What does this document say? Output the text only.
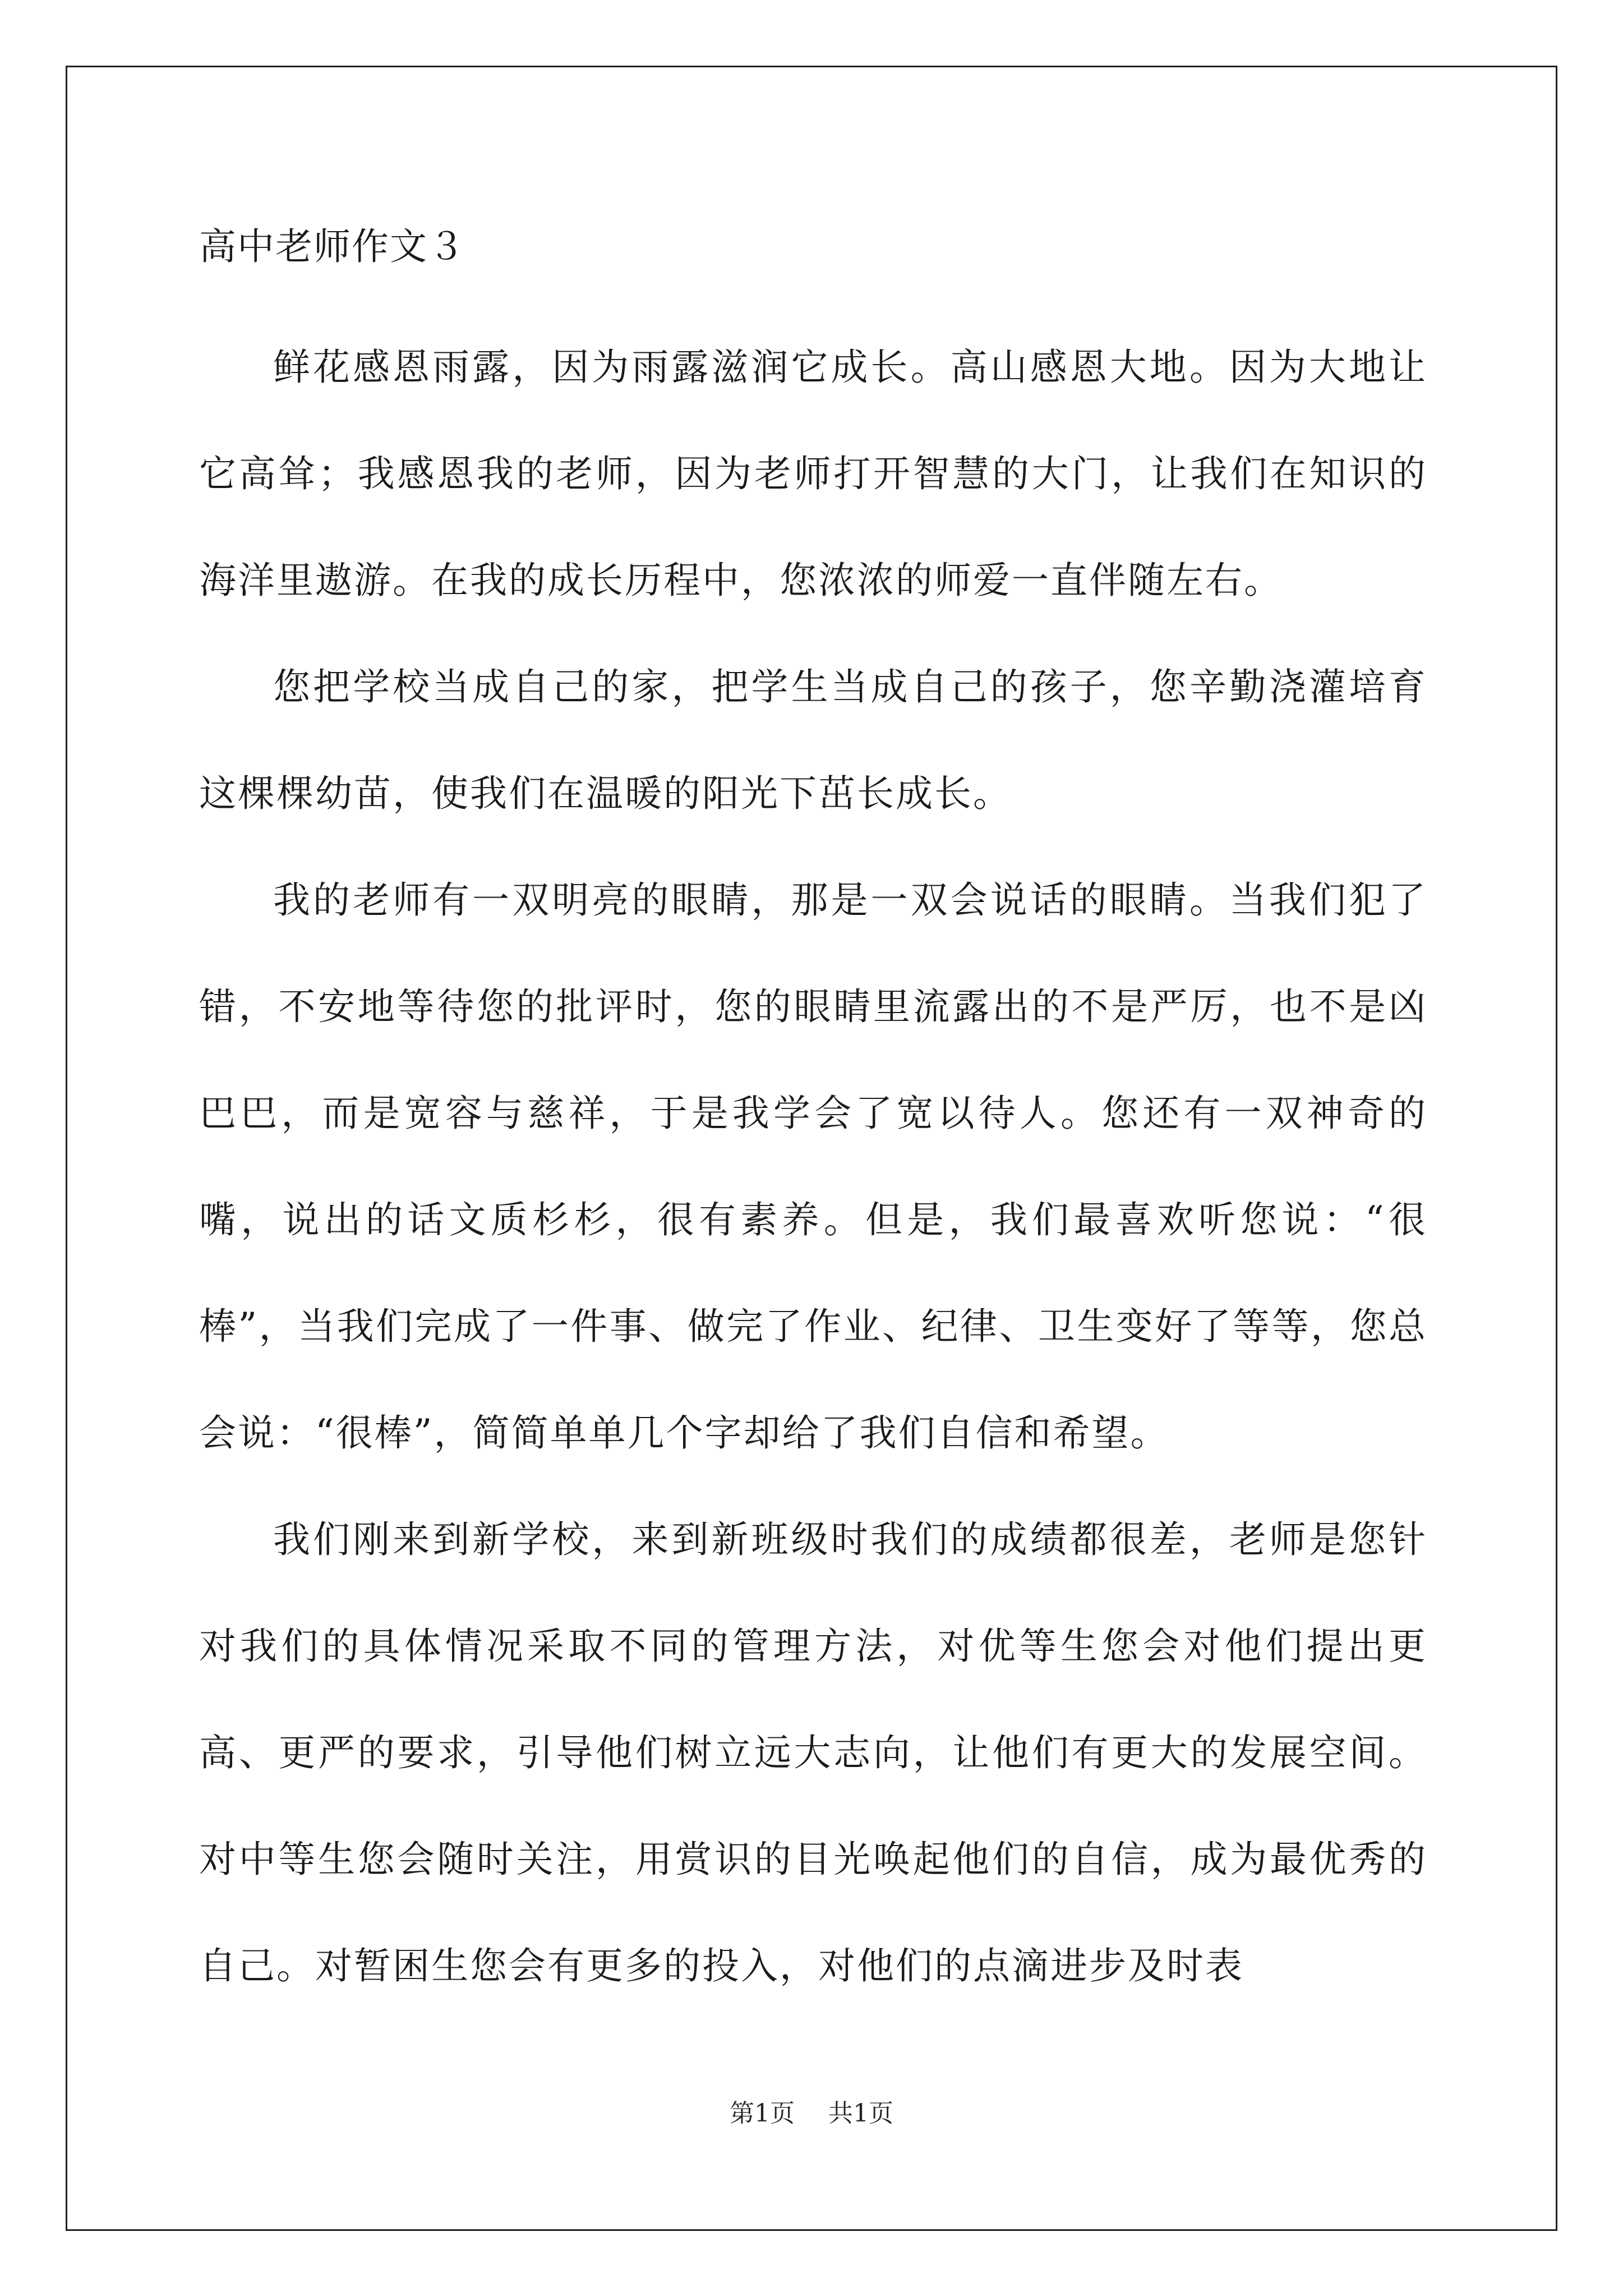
高中老师作文３

鲜花感恩雨露，因为雨露滋润它成长。高山感恩大地。因为大地让它高耸；我感恩我的老师，因为老师打开智慧的大门，让我们在知识的海洋里遨游。在我的成长历程中，您浓浓的师爱一直伴随左右。

您把学校当成自己的家，把学生当成自己的孩子，您辛勤浇灌培育这棵棵幼苗，使我们在温暖的阳光下茁长成长。

我的老师有一双明亮的眼睛，那是一双会说话的眼睛。当我们犯了错，不安地等待您的批评时，您的眼睛里流露出的不是严厉，也不是凶巴巴，而是宽容与慈祥，于是我学会了宽以待人。您还有一双神奇的嘴，说出的话文质杉杉，很有素养。但是，我们最喜欢听您说：“很棒”，当我们完成了一件事、做完了作业、纪律、卫生变好了等等，您总会说：“很棒”，简简单单几个字却给了我们自信和希望。

我们刚来到新学校，来到新班级时我们的成绩都很差，老师是您针对我们的具体情况采取不同的管理方法，对优等生您会对他们提出更高、更严的要求，引导他们树立远大志向，让他们有更大的发展空间。对中等生您会随时关注，用赏识的目光唤起他们的自信，成为最优秀的自己。对暂困生您会有更多的投入，对他们的点滴进步及时表

第1页 共1页
